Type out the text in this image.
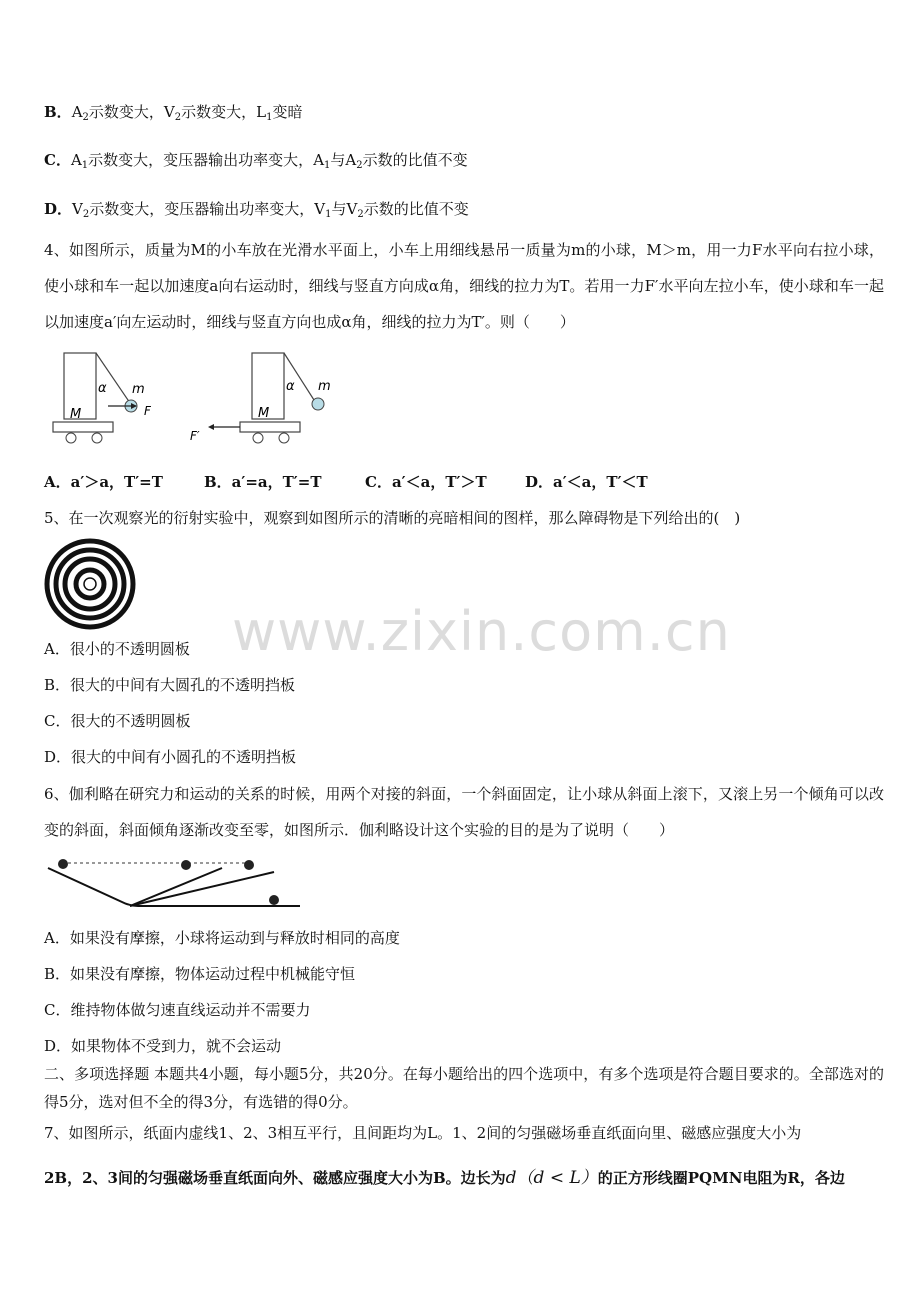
B．$A_2$示数变大，$V_2$示数变大，$L_1$变暗
C．$A_1$示数变大，变压器输出功率变大，$A_1$与$A_2$示数的比值不变
D．$V_2$示数变大，变压器输出功率变大，$V_1$与$V_2$示数的比值不变
4、如图所示，质量为M的小车放在光滑水平面上，小车上用细线悬吊一质量为m的小球，M＞m，用一力F水平向右拉小球，使小球和车一起以加速度a向右运动时，细线与竖直方向成α角，细线的拉力为T。若用一力F′水平向左拉小车，使小球和车一起以加速度a′向左运动时，细线与竖直方向也成α角，细线的拉力为T′。则（　　）
α m
M	F
α m
M
F′
A．a′＞a，T′=T	B．a′=a，T′=T	C．a′＜a，T′＞T	D．a′＜a，T′＜T
5、在一次观察光的衍射实验中，观察到如图所示的清晰的亮暗相间的图样，那么障碍物是下列给出的(　)
A．很小的不透明圆板
B．很大的中间有大圆孔的不透明挡板
C．很大的不透明圆板
D．很大的中间有小圆孔的不透明挡板
6、伽利略在研究力和运动的关系的时候，用两个对接的斜面，一个斜面固定，让小球从斜面上滚下，又滚上另一个倾角可以改变的斜面，斜面倾角逐渐改变至零，如图所示．伽利略设计这个实验的目的是为了说明（　　）
A．如果没有摩擦，小球将运动到与释放时相同的高度
B．如果没有摩擦，物体运动过程中机械能守恒
C．维持物体做匀速直线运动并不需要力
D．如果物体不受到力，就不会运动
二、多项选择题 本题共4小题，每小题5分，共20分。在每小题给出的四个选项中，有多个选项是符合题目要求的。全部选对的得5分，选对但不全的得3分，有选错的得0分。
7、如图所示，纸面内虚线1、2、3相互平行，且间距均为L。1、2间的匀强磁场垂直纸面向里、磁感应强度大小为
2B，2、3间的匀强磁场垂直纸面向外、磁感应强度大小为B。边长为d（d < L）的正方形线圈PQMN电阻为R，各边
www.zixin.com.cn
